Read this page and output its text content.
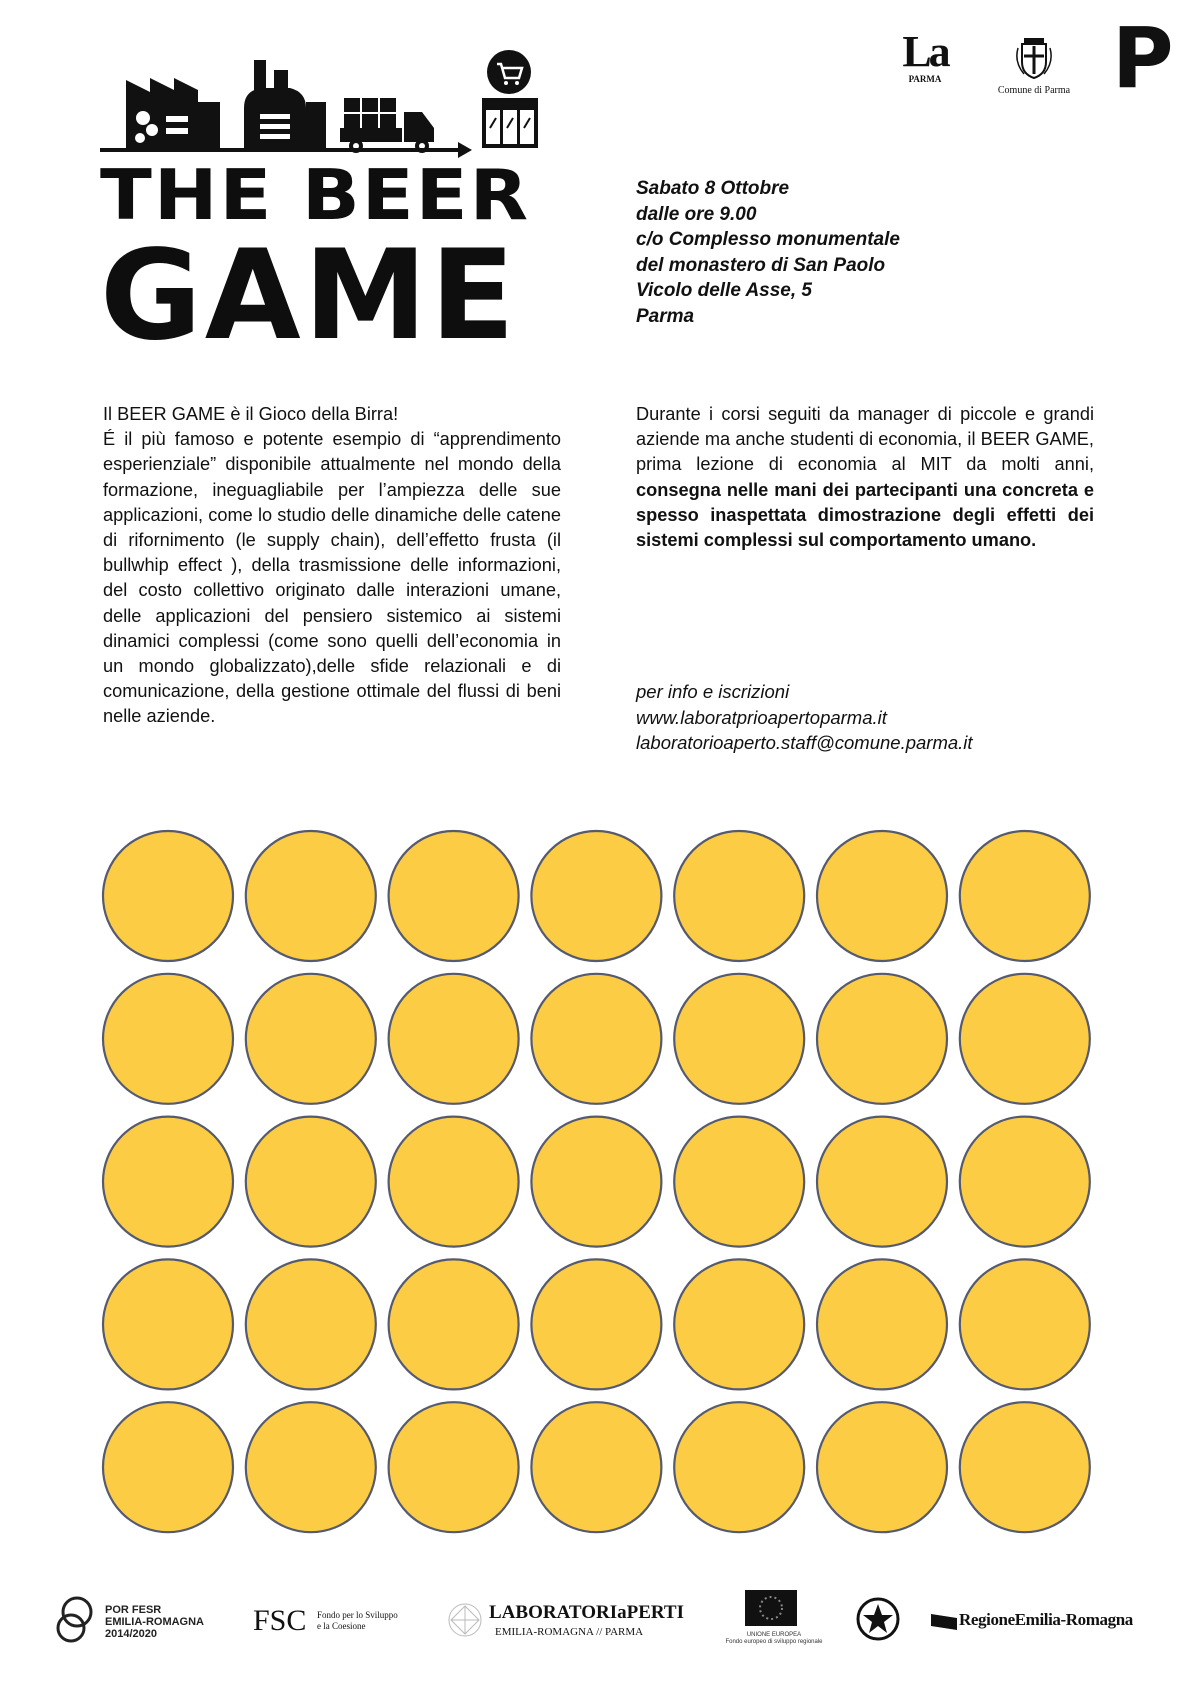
La
PARMA
Comune di Parma P
THE BEER
GAME
Sabato 8 Ottobre
dalle ore 9.00
c/o Complesso monumentale
del monastero di San Paolo
Vicolo delle Asse, 5
Parma

Il BEER GAME è il Gioco della Birra!

É il più famoso e potente esempio di “apprendimento esperienziale” disponibile attualmente nel mondo della formazione, ineguagliabile per l’ampiezza delle sue applicazioni, come lo studio delle dinamiche delle catene di rifornimento (le supply chain), dell’effetto frusta (il bullwhip effect ), della trasmissione delle informazioni, del costo collettivo originato dalle interazioni umane, delle applicazioni del pensiero sistemico ai sistemi dinamici complessi (come sono quelli dell’economia in un mondo globalizzato),delle sfide relazionali e di comunicazione, della gestione ottimale del flussi di beni nelle aziende.

Durante i corsi seguiti da manager di piccole e grandi aziende ma anche studenti di economia, il BEER GAME, prima lezione di economia al MIT da molti anni, consegna nelle mani dei partecipanti una concreta e spesso inaspettata dimostrazione degli effetti dei sistemi complessi sul comportamento umano.

per info e iscrizioni
www.laboratprioapertoparma.it
laboratorioaperto.staff@comune.parma.it
POR FESR
EMILIA-ROMAGNA
2014/2020	FSC Fondo per lo Sviluppo
e la Coesione
LABORATORIaPERTI
EMILIA-ROMAGNA // PARMA	UNIONE EUROPEA
Fondo europeo di sviluppo regionale
RegioneEmilia-Romagna
